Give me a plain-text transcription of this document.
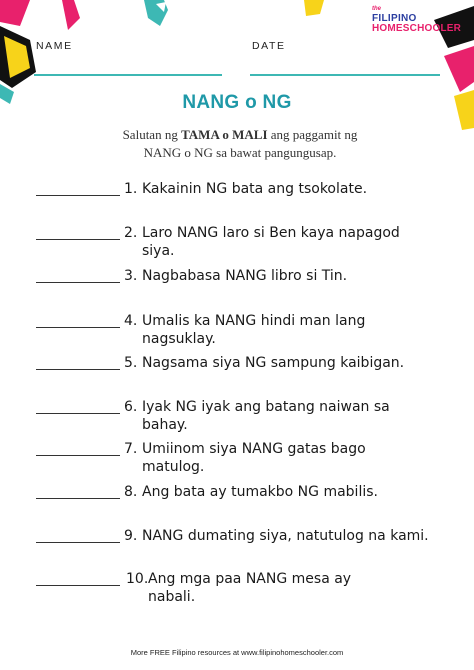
NAME	DATE
the
FILIPINO
HOMESCHOOLER
NANG o NG
Salutan ng TAMA o MALI ang paggamit ng
NANG o NG sa bawat pangungusap.
1. Kakainin NG bata ang tsokolate.
2. Laro NANG laro si Ben kaya napagod siya.
3. Nagbabasa NANG libro si Tin.
4. Umalis ka NANG hindi man lang nagsuklay.
5. Nagsama siya NG sampung kaibigan.
6. Iyak NG iyak ang batang naiwan sa bahay.
7. Umiinom siya NANG gatas bago matulog.
8. Ang bata ay tumakbo NG mabilis.
9. NANG dumating siya, natutulog na kami.
10. Ang mga paa NANG mesa ay nabali.
More FREE Filipino resources at www.filipinohomeschooler.com
